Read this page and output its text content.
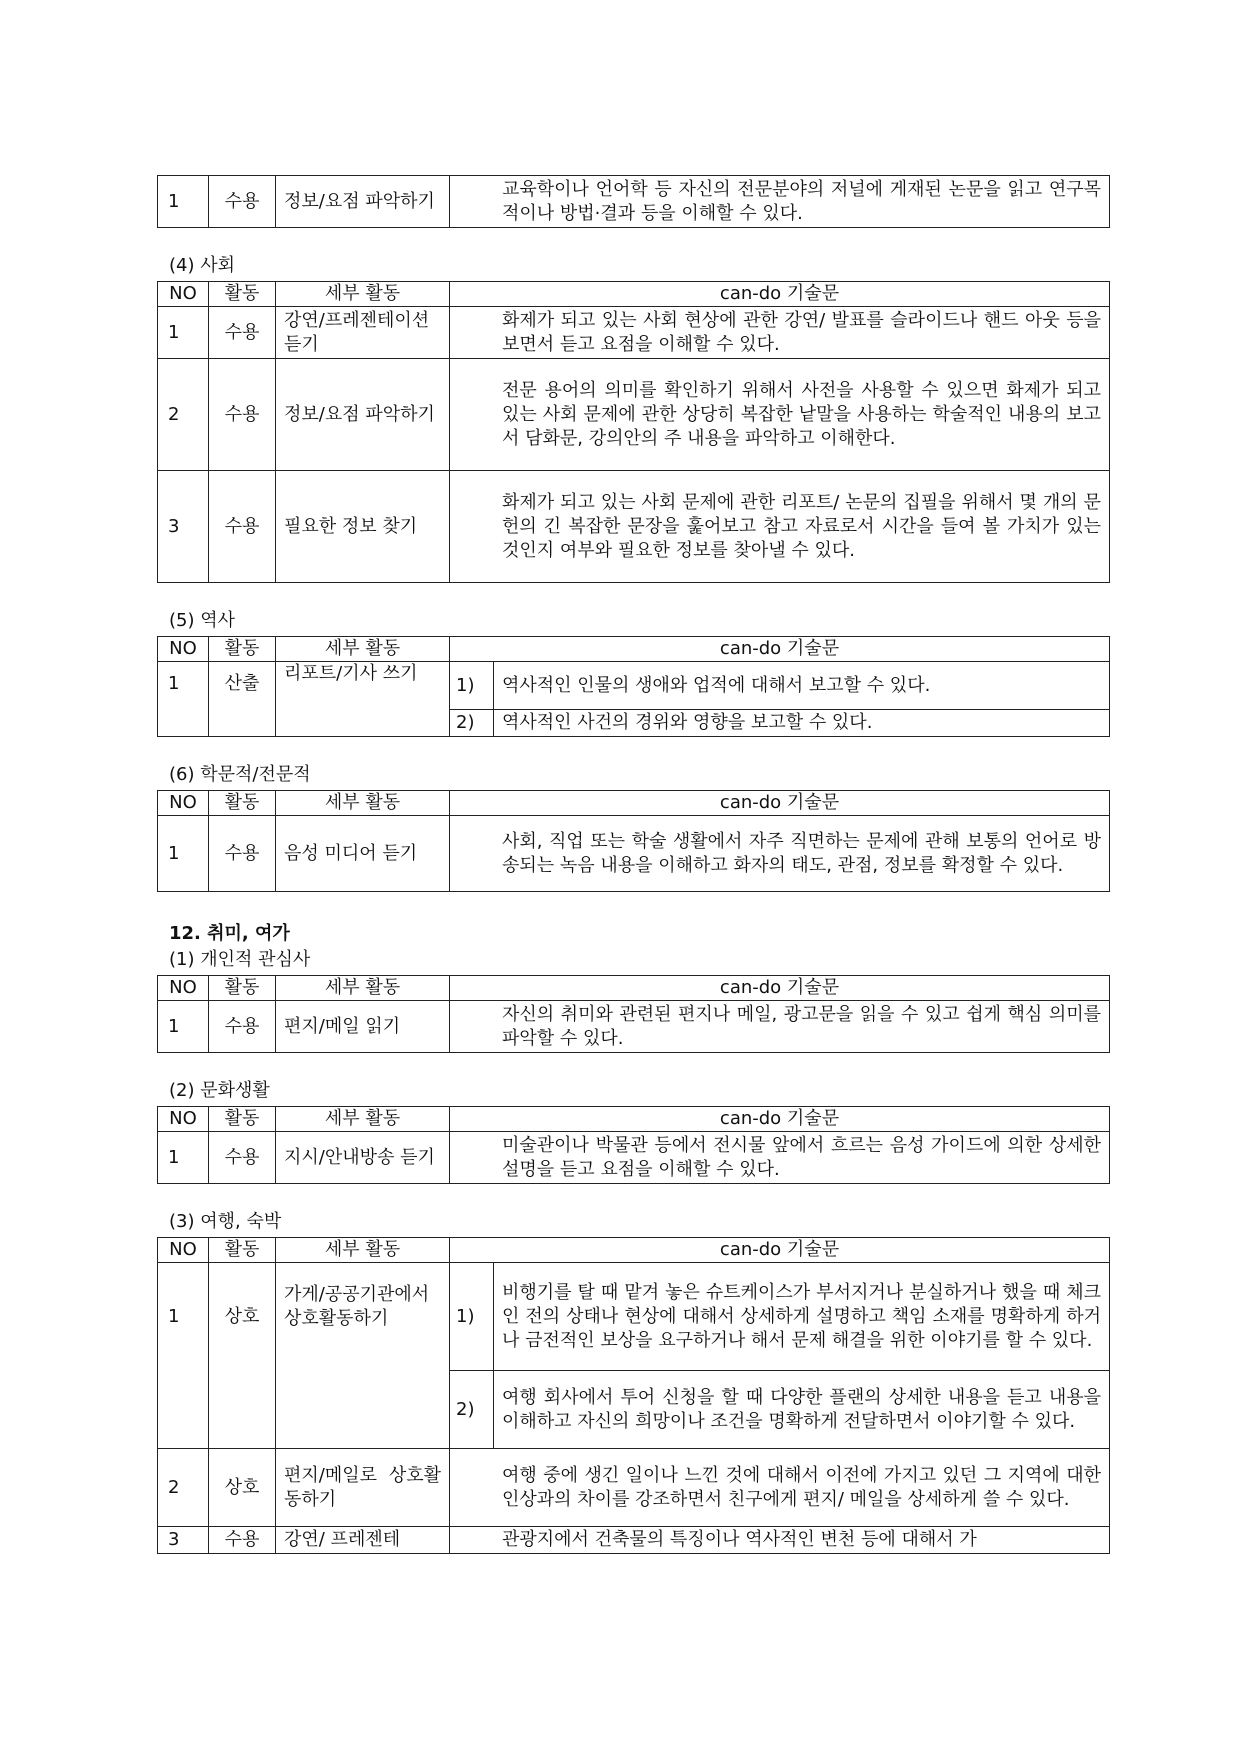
1	수용	정보/요점 파악하기	교육학이나 언어학 등 자신의 전문분야의 저널에 게재된 논문을 읽고 연구목적이나 방법·결과 등을 이해할 수 있다.
(4) 사회
NO	활동	세부 활동	can-do 기술문
1	수용	강연/프레젠테이션 듣기	화제가 되고 있는 사회 현상에 관한 강연/ 발표를 슬라이드나 핸드 아웃 등을 보면서 듣고 요점을 이해할 수 있다.
2	수용	정보/요점 파악하기	전문 용어의 의미를 확인하기 위해서 사전을 사용할 수 있으면 화제가 되고 있는 사회 문제에 관한 상당히 복잡한 낱말을 사용하는 학술적인 내용의 보고서 담화문, 강의안의 주 내용을 파악하고 이해한다.
3	수용	필요한 정보 찾기	화제가 되고 있는 사회 문제에 관한 리포트/ 논문의 집필을 위해서 몇 개의 문헌의 긴 복잡한 문장을 훑어보고 참고 자료로서 시간을 들여 볼 가치가 있는 것인지 여부와 필요한 정보를 찾아낼 수 있다.
(5) 역사
NO	활동	세부 활동	can-do 기술문	
1	산출	리포트/기사 쓰기	1)	역사적인 인물의 생애와 업적에 대해서 보고할 수 있다.
			2)	역사적인 사건의 경위와 영향을 보고할 수 있다.
(6) 학문적/전문적
NO	활동	세부 활동	can-do 기술문
1	수용	음성 미디어 듣기	사회, 직업 또는 학술 생활에서 자주 직면하는 문제에 관해 보통의 언어로 방송되는 녹음 내용을 이해하고 화자의 태도, 관점, 정보를 확정할 수 있다.
12. 취미, 여가
(1) 개인적 관심사
NO	활동	세부 활동	can-do 기술문
1	수용	편지/메일 읽기	자신의 취미와 관련된 편지나 메일, 광고문을 읽을 수 있고 쉽게 핵심 의미를 파악할 수 있다.
(2) 문화생활
NO	활동	세부 활동	can-do 기술문
1	수용	지시/안내방송 듣기	미술관이나 박물관 등에서 전시물 앞에서 흐르는 음성 가이드에 의한 상세한 설명을 듣고 요점을 이해할 수 있다.
(3) 여행, 숙박
NO	활동	세부 활동	can-do 기술문	
1	상호	가게/공공기관에서 상호활동하기	1)	비행기를 탈 때 맡겨 놓은 슈트케이스가 부서지거나 분실하거나 했을 때 체크인 전의 상태나 현상에 대해서 상세하게 설명하고 책임 소재를 명확하게 하거나 금전적인 보상을 요구하거나 해서 문제 해결을 위한 이야기를 할 수 있다.
			2)	여행 회사에서 투어 신청을 할 때 다양한 플랜의 상세한 내용을 듣고 내용을 이해하고 자신의 희망이나 조건을 명확하게 전달하면서 이야기할 수 있다.
2	상호	편지/메일로 상호활동하기	여행 중에 생긴 일이나 느낀 것에 대해서 이전에 가지고 있던 그 지역에 대한 인상과의 차이를 강조하면서 친구에게 편지/ 메일을 상세하게 쓸 수 있다.	
3	수용	강연/ 프레젠테	관광지에서 건축물의 특징이나 역사적인 변천 등에 대해서 가	
